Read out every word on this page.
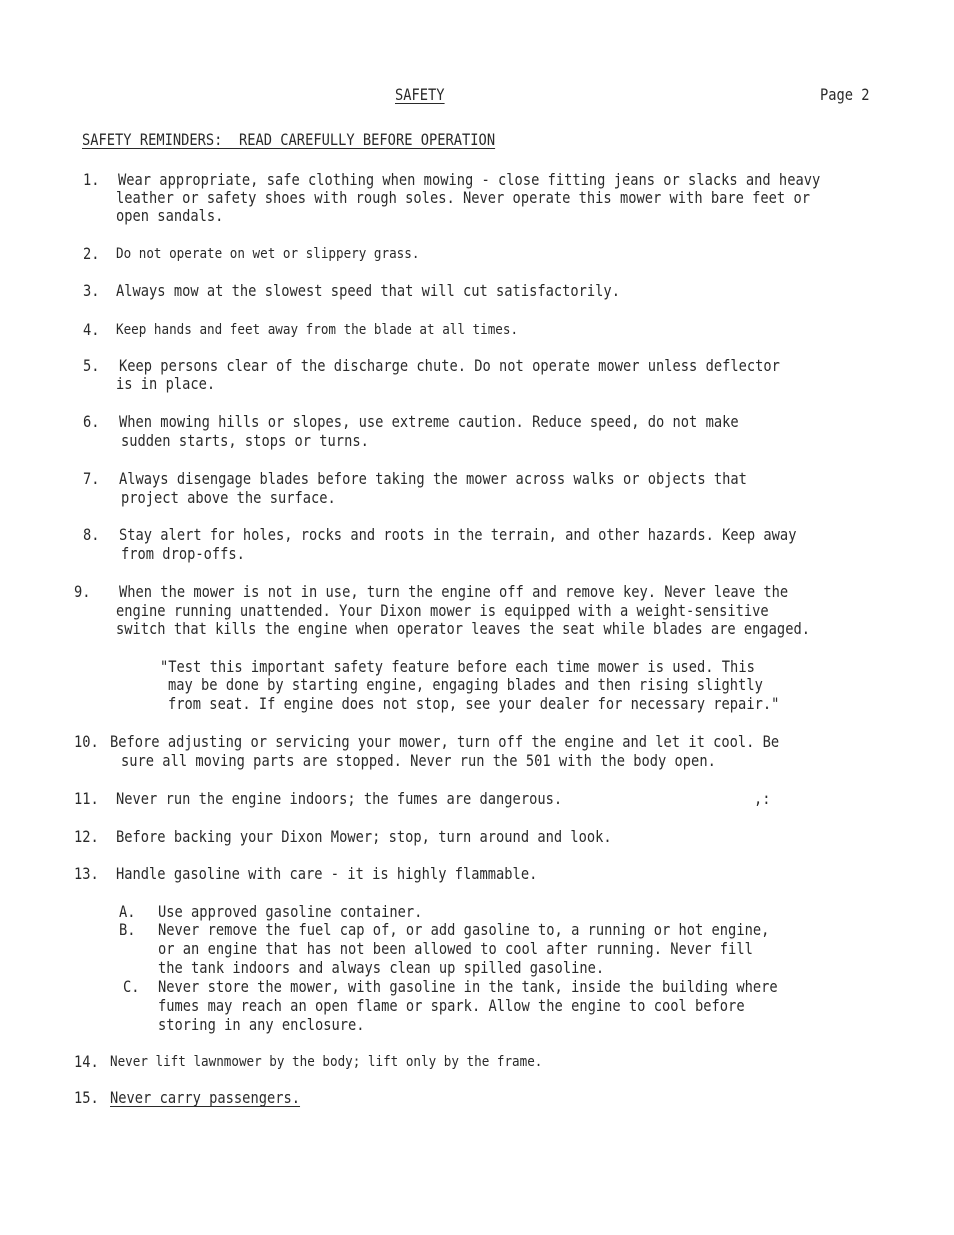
SAFETY	Page 2
SAFETY REMINDERS:  READ CAREFULLY BEFORE OPERATION
1. Wear appropriate, safe clothing when mowing - close fitting jeans or slacks and heavy
leather or safety shoes with rough soles. Never operate this mower with bare feet or
open sandals.
2. Do not operate on wet or slippery grass.
3. Always mow at the slowest speed that will cut satisfactorily.
4. Keep hands and feet away from the blade at all times.
5. Keep persons clear of the discharge chute. Do not operate mower unless deflector
is in place.
6. When mowing hills or slopes, use extreme caution. Reduce speed, do not make
sudden starts, stops or turns.
7. Always disengage blades before taking the mower across walks or objects that
project above the surface.
8. Stay alert for holes, rocks and roots in the terrain, and other hazards. Keep away
from drop-offs.
9. When the mower is not in use, turn the engine off and remove key. Never leave the
engine running unattended. Your Dixon mower is equipped with a weight-sensitive
switch that kills the engine when operator leaves the seat while blades are engaged.
"Test this important safety feature before each time mower is used. This
may be done by starting engine, engaging blades and then rising slightly
from seat. If engine does not stop, see your dealer for necessary repair."
10. Before adjusting or servicing your mower, turn off the engine and let it cool. Be
sure all moving parts are stopped. Never run the 501 with the body open.
11. Never run the engine indoors; the fumes are dangerous.	,:
12. Before backing your Dixon Mower; stop, turn around and look.
13. Handle gasoline with care - it is highly flammable.
A. Use approved gasoline container.
B. Never remove the fuel cap of, or add gasoline to, a running or hot engine,
or an engine that has not been allowed to cool after running. Never fill
the tank indoors and always clean up spilled gasoline.
C. Never store the mower, with gasoline in the tank, inside the building where
fumes may reach an open flame or spark. Allow the engine to cool before
storing in any enclosure.
14. Never lift lawnmower by the body; lift only by the frame.
15. Never carry passengers.
